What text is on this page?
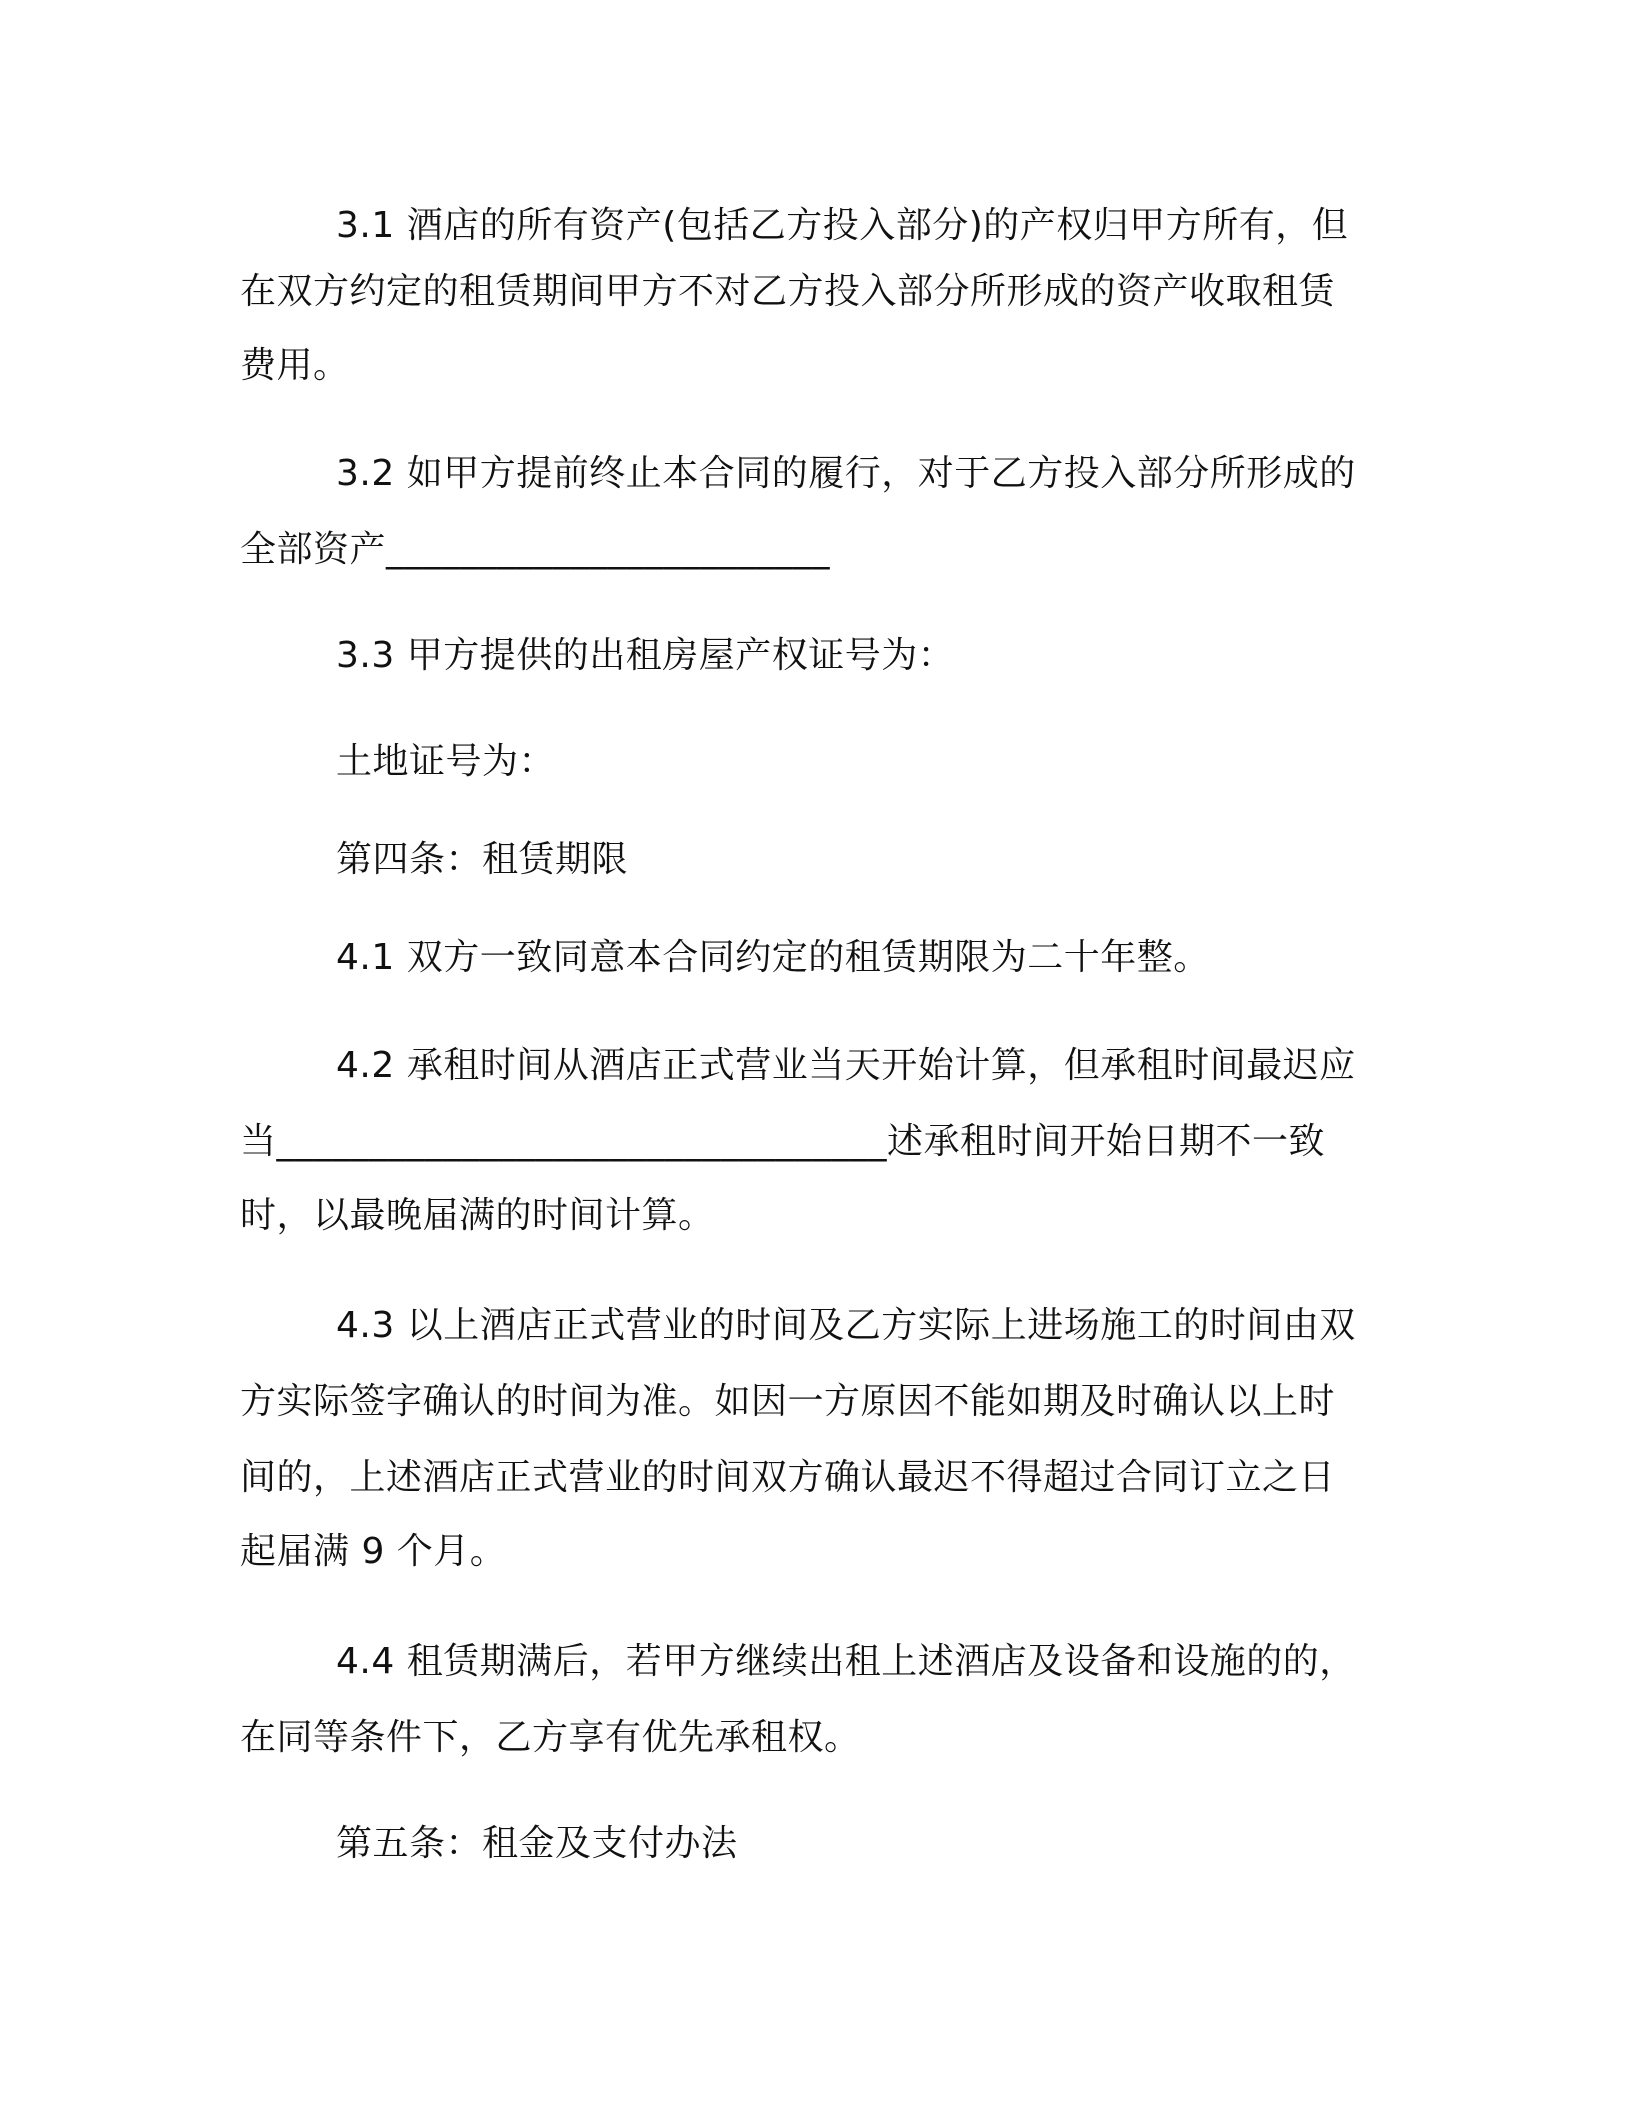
3.1 酒店的所有资产(包括乙方投入部分)的产权归甲方所有，但

在双方约定的租赁期间甲方不对乙方投入部分所形成的资产收取租赁

费用。

3.2 如甲方提前终止本合同的履行，对于乙方投入部分所形成的

全部资产________________________

3.3 甲方提供的出租房屋产权证号为：

土地证号为：

第四条：租赁期限

4.1 双方一致同意本合同约定的租赁期限为二十年整。

4.2 承租时间从酒店正式营业当天开始计算，但承租时间最迟应

当_________________________________述承租时间开始日期不一致

时，以最晚届满的时间计算。

4.3 以上酒店正式营业的时间及乙方实际上进场施工的时间由双

方实际签字确认的时间为准。如因一方原因不能如期及时确认以上时

间的，上述酒店正式营业的时间双方确认最迟不得超过合同订立之日

起届满 9 个月。

4.4 租赁期满后，若甲方继续出租上述酒店及设备和设施的的，

在同等条件下，乙方享有优先承租权。

第五条：租金及支付办法
